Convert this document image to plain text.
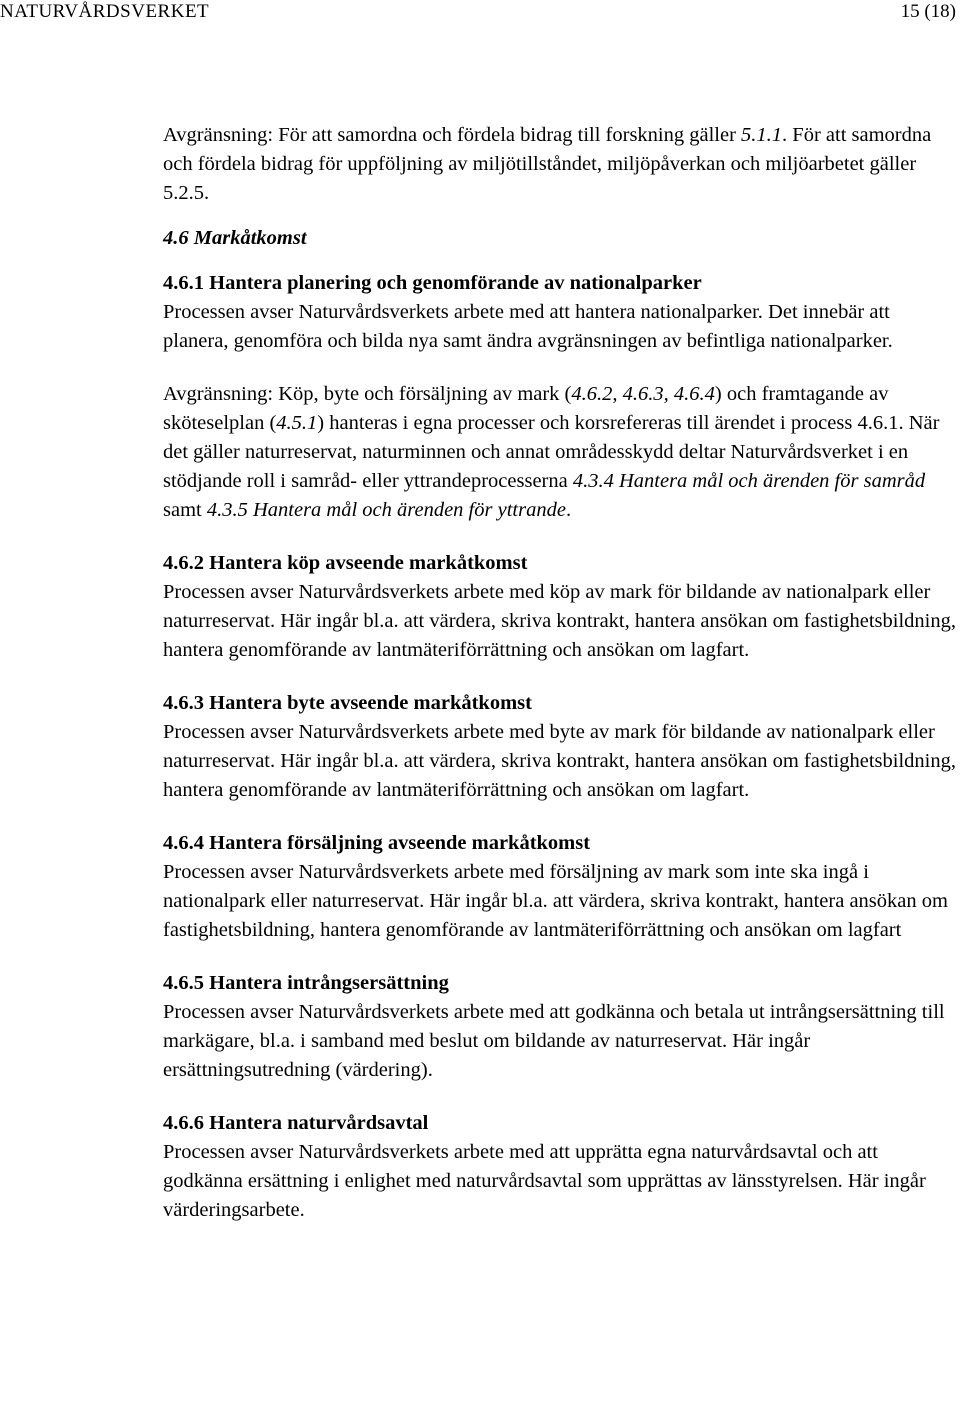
NATURVÅRDSVERKET	15 (18)

Avgränsning: För att samordna och fördela bidrag till forskning gäller 5.1.1. För att samordna och fördela bidrag för uppföljning av miljötillståndet, miljöpåverkan och miljöarbetet gäller 5.2.5.

4.6 Markåtkomst

4.6.1 Hantera planering och genomförande av nationalparker

Processen avser Naturvårdsverkets arbete med att hantera nationalparker. Det innebär att planera, genomföra och bilda nya samt ändra avgränsningen av befintliga nationalparker.

Avgränsning: Köp, byte och försäljning av mark (4.6.2, 4.6.3, 4.6.4) och framtagande av sköteselplan (4.5.1) hanteras i egna processer och korsrefereras till ärendet i process 4.6.1. När det gäller naturreservat, naturminnen och annat områdesskydd deltar Naturvårdsverket i en stödjande roll i samråd- eller yttrandeprocesserna 4.3.4 Hantera mål och ärenden för samråd samt 4.3.5 Hantera mål och ärenden för yttrande.

4.6.2 Hantera köp avseende markåtkomst

Processen avser Naturvårdsverkets arbete med köp av mark för bildande av nationalpark eller naturreservat. Här ingår bl.a. att värdera, skriva kontrakt, hantera ansökan om fastighetsbildning, hantera genomförande av lantmäteriförrättning och ansökan om lagfart.

4.6.3 Hantera byte avseende markåtkomst

Processen avser Naturvårdsverkets arbete med byte av mark för bildande av nationalpark eller naturreservat. Här ingår bl.a. att värdera, skriva kontrakt, hantera ansökan om fastighetsbildning, hantera genomförande av lantmäteriförrättning och ansökan om lagfart.

4.6.4 Hantera försäljning avseende markåtkomst

Processen avser Naturvårdsverkets arbete med försäljning av mark som inte ska ingå i nationalpark eller naturreservat. Här ingår bl.a. att värdera, skriva kontrakt, hantera ansökan om fastighetsbildning, hantera genomförande av lantmäteriförrättning och ansökan om lagfart

4.6.5 Hantera intrångsersättning

Processen avser Naturvårdsverkets arbete med att godkänna och betala ut intrångsersättning till markägare, bl.a. i samband med beslut om bildande av naturreservat. Här ingår ersättningsutredning (värdering).

4.6.6 Hantera naturvårdsavtal

Processen avser Naturvårdsverkets arbete med att upprätta egna naturvårdsavtal och att godkänna ersättning i enlighet med naturvårdsavtal som upprättas av länsstyrelsen. Här ingår värderingsarbete.
